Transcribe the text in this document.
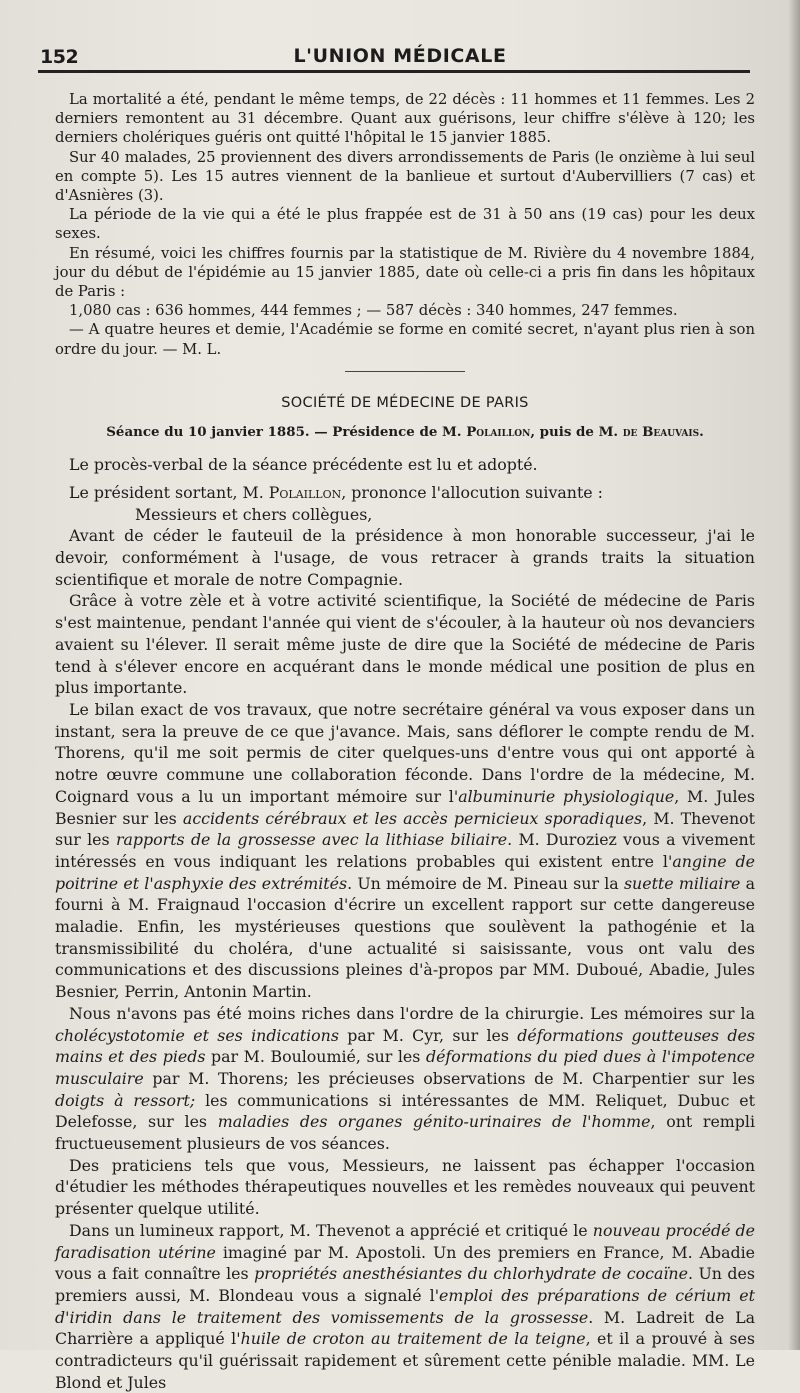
152	L'UNION MÉDICALE

La mortalité a été, pendant le même temps, de 22 décès : 11 hommes et 11 femmes. Les 2 derniers remontent au 31 décembre. Quant aux guérisons, leur chiffre s'élève à 120; les derniers cholériques guéris ont quitté l'hôpital le 15 janvier 1885.

Sur 40 malades, 25 proviennent des divers arrondissements de Paris (le onzième à lui seul en compte 5). Les 15 autres viennent de la banlieue et surtout d'Aubervilliers (7 cas) et d'Asnières (3).

La période de la vie qui a été le plus frappée est de 31 à 50 ans (19 cas) pour les deux sexes.

En résumé, voici les chiffres fournis par la statistique de M. Rivière du 4 novembre 1884, jour du début de l'épidémie au 15 janvier 1885, date où celle-ci a pris fin dans les hôpitaux de Paris :

1,080 cas : 636 hommes, 444 femmes ; — 587 décès : 340 hommes, 247 femmes.

— A quatre heures et demie, l'Académie se forme en comité secret, n'ayant plus rien à son ordre du jour. — M. L.

SOCIÉTÉ DE MÉDECINE DE PARIS
Séance du 10 janvier 1885. — Présidence de M. Polaillon, puis de M. de Beauvais.

Le procès-verbal de la séance précédente est lu et adopté.

Le président sortant, M. Polaillon, prononce l'allocution suivante :

Messieurs et chers collègues,

Avant de céder le fauteuil de la présidence à mon honorable successeur, j'ai le devoir, conformément à l'usage, de vous retracer à grands traits la situation scientifique et morale de notre Compagnie.

Grâce à votre zèle et à votre activité scientifique, la Société de médecine de Paris s'est maintenue, pendant l'année qui vient de s'écouler, à la hauteur où nos devanciers avaient su l'élever. Il serait même juste de dire que la Société de médecine de Paris tend à s'élever encore en acquérant dans le monde médical une position de plus en plus importante.

Le bilan exact de vos travaux, que notre secrétaire général va vous exposer dans un instant, sera la preuve de ce que j'avance. Mais, sans déflorer le compte rendu de M. Thorens, qu'il me soit permis de citer quelques-uns d'entre vous qui ont apporté à notre œuvre commune une collaboration féconde. Dans l'ordre de la médecine, M. Coignard vous a lu un important mémoire sur l'albuminurie physiologique, M. Jules Besnier sur les accidents cérébraux et les accès pernicieux sporadiques, M. Thevenot sur les rapports de la grossesse avec la lithiase biliaire. M. Duroziez vous a vivement intéressés en vous indiquant les relations probables qui existent entre l'angine de poitrine et l'asphyxie des extrémités. Un mémoire de M. Pineau sur la suette miliaire a fourni à M. Fraignaud l'occasion d'écrire un excellent rapport sur cette dangereuse maladie. Enfin, les mystérieuses questions que soulèvent la pathogénie et la transmissibilité du choléra, d'une actualité si saisissante, vous ont valu des communications et des discussions pleines d'à-propos par MM. Duboué, Abadie, Jules Besnier, Perrin, Antonin Martin.

Nous n'avons pas été moins riches dans l'ordre de la chirurgie. Les mémoires sur la cholécystotomie et ses indications par M. Cyr, sur les déformations goutteuses des mains et des pieds par M. Bouloumié, sur les déformations du pied dues à l'impotence musculaire par M. Thorens; les précieuses observations de M. Charpentier sur les doigts à ressort; les communications si intéressantes de MM. Reliquet, Dubuc et Delefosse, sur les maladies des organes génito-urinaires de l'homme, ont rempli fructueusement plusieurs de vos séances.

Des praticiens tels que vous, Messieurs, ne laissent pas échapper l'occasion d'étudier les méthodes thérapeutiques nouvelles et les remèdes nouveaux qui peuvent présenter quelque utilité.

Dans un lumineux rapport, M. Thevenot a apprécié et critiqué le nouveau procédé de faradisation utérine imaginé par M. Apostoli. Un des premiers en France, M. Abadie vous a fait connaître les propriétés anesthésiantes du chlorhydrate de cocaïne. Un des premiers aussi, M. Blondeau vous a signalé l'emploi des préparations de cérium et d'iridin dans le traitement des vomissements de la grossesse. M. Ladreit de La Charrière a appliqué l'huile de croton au traitement de la teigne, et il a prouvé à ses contradicteurs qu'il guérissait rapidement et sûrement cette pénible maladie. MM. Le Blond et Jules
